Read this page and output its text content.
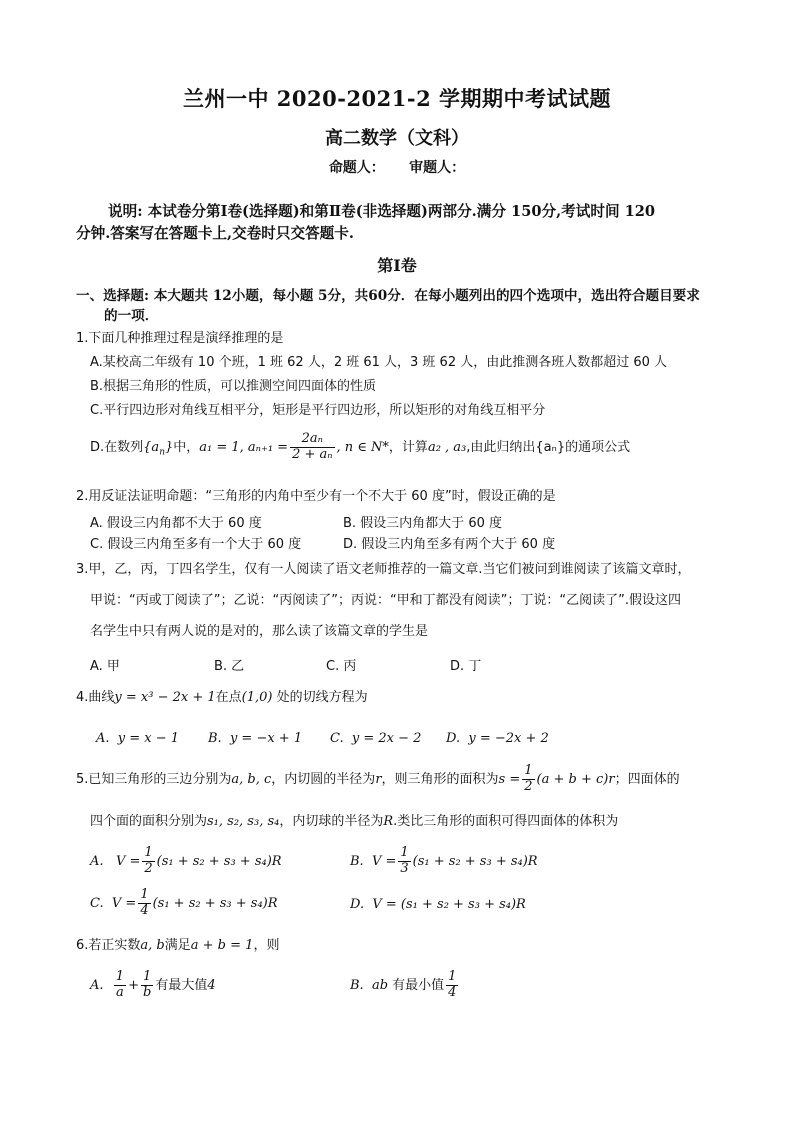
兰州一中 2020-2021-2 学期期中考试试题
高二数学（文科）
命题人：     审题人：
说明: 本试卷分第Ⅰ卷(选择题)和第Ⅱ卷(非选择题)两部分.满分 150分,考试时间 120
分钟.答案写在答题卡上,交卷时只交答题卡.
第Ⅰ卷
一、选择题: 本大题共 12小题，每小题 5分，共60分．在每小题列出的四个选项中，选出符合题目要求
的一项．
1.下面几种推理过程是演绎推理的是
A.某校高二年级有 10 个班，1 班 62 人，2 班 61 人，3 班 62 人，由此推测各班人数都超过 60 人
B.根据三角形的性质，可以推测空间四面体的性质
C.平行四边形对角线互相平分，矩形是平行四边形，所以矩形的对角线互相平分
D.在数列$\{a_n\}$中，a₁ = 1, $a_{n+1} = \frac{\text{2aₙ}}{\text{2 + aₙ}}$ , n ∈ N*，计算a₂ , a₃,由此归纳出{aₙ}的通项公式
2.用反证法证明命题：“三角形的内角中至少有一个不大于 60 度”时，假设正确的是
A. 假设三内角都不大于 60 度	B. 假设三内角都大于 60 度
C. 假设三内角至多有一个大于 60 度	D. 假设三内角至多有两个大于 60 度
3.甲，乙，丙，丁四名学生，仅有一人阅读了语文老师推荐的一篇文章.当它们被问到谁阅读了该篇文章时，
甲说：“丙或丁阅读了”；乙说：“丙阅读了”；丙说：“甲和丁都没有阅读”；丁说：“乙阅读了”.假设这四
名学生中只有两人说的是对的，那么读了该篇文章的学生是
A. 甲	B. 乙	C. 丙	D. 丁
4.曲线y = x³ − 2x + 1在点(1,0) 处的切线方程为
A. y = x − 1 B. y = −x + 1 C. y = 2x − 2 D. y = −2x + 2
5.已知三角形的三边分别为a, b, c，内切圆的半径为r，则三角形的面积为$s = \frac{1}{2} (a + b + c)r$；四面体的
四个面的面积分别为s₁, s₂, s₃, s₄，内切球的半径为R.类比三角形的面积可得四面体的体积为
A. $V = \frac{1}{2} (s_1 + s_2 + s_3 + s_4)R$	B. $V = \frac{1}{3} (s_1 + s_2 + s_3 + s_4)R$
C. $V = \frac{1}{4} (s_1 + s_2 + s_3 + s_4)R$	D. V = (s₁ + s₂ + s₃ + s₄)R
6.若正实数a, b满足a + b = 1，则
A. $\frac{1}{a} + \frac{1}{b}$ 有最大值4	B. ab 有最小值 $\frac{1}{4}$
